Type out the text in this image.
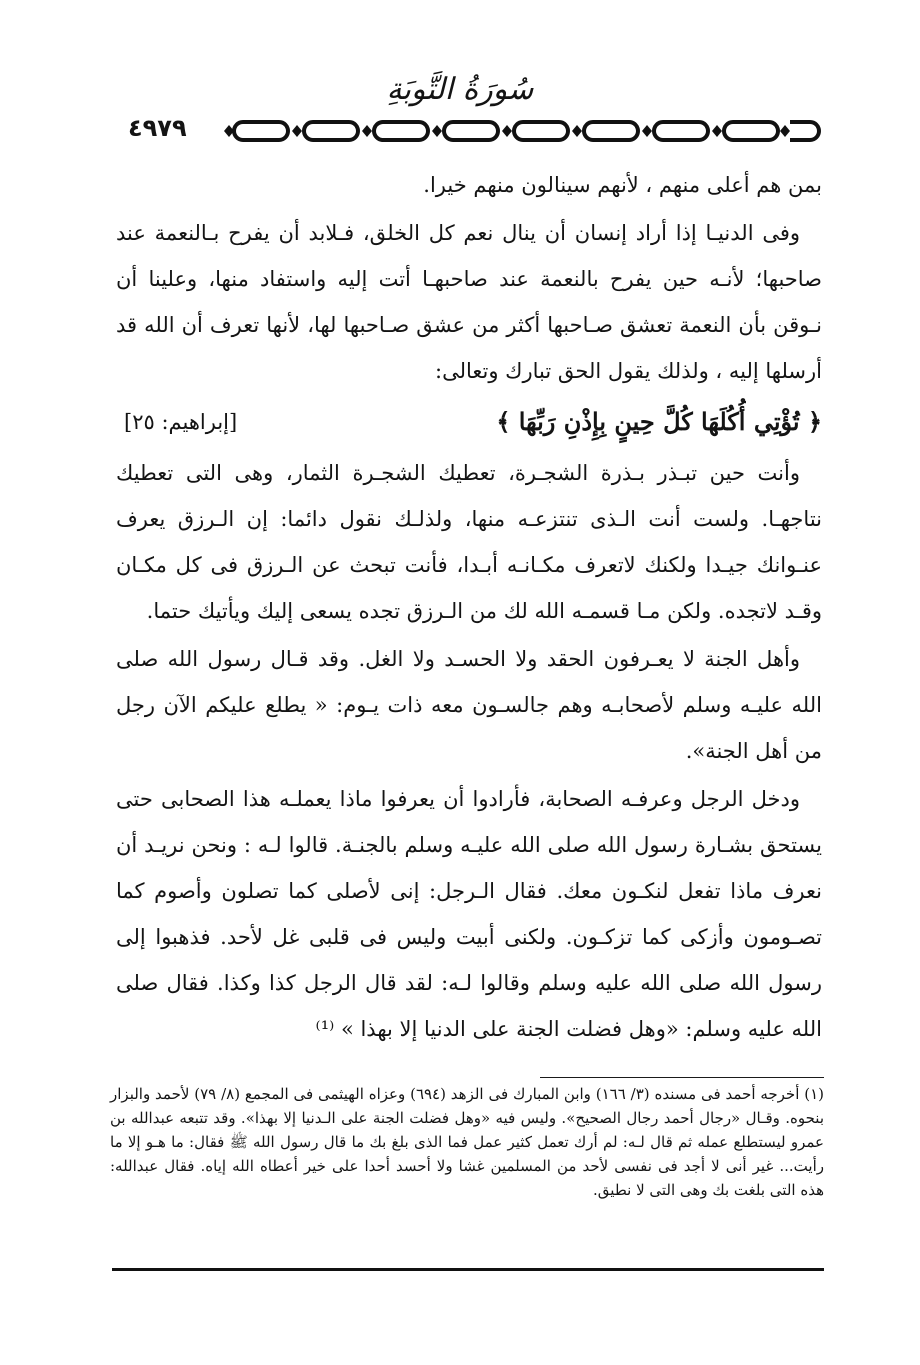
سُورَةُ التَّوبَةِ
٤٩٧٩

بمن هم أعلى منهم ، لأنهم سينالون منهم خيرا.

وفى الدنيـا إذا أراد إنسان أن ينال نعم كل الخلق، فـلابد أن يفرح بـالنعمة عند صاحبها؛ لأنـه حين يفرح بالنعمة عند صاحبهـا أتت إليه واستفاد منها، وعلينا أن نـوقن بأن النعمة تعشق صـاحبها أكثر من عشق صـاحبها لها، لأنها تعرف أن الله قد أرسلها إليه ، ولذلك يقول الحق تبارك وتعالى:

﴿ تُؤْتِي أُكُلَهَا كُلَّ حِينٍ بِإِذْنِ رَبِّهَا ﴾
[إبراهيم: ٢٥]

وأنت حين تبـذر بـذرة الشجـرة، تعطيك الشجـرة الثمار، وهى التى تعطيك نتاجهـا. ولست أنت الـذى تنتزعـه منها، ولذلـك نقول دائما: إن الـرزق يعرف عنـوانك جيـدا ولكنك لاتعرف مكـانـه أبـدا، فأنت تبحث عن الـرزق فى كل مكـان وقـد لاتجده. ولكن مـا قسمـه الله لك من الـرزق تجده يسعى إليك ويأتيك حتما.

وأهل الجنة لا يعـرفون الحقد ولا الحسـد ولا الغل. وقد قـال رسول الله صلى الله عليـه وسلم لأصحابـه وهم جالسـون معه ذات يـوم: « يطلع عليكم الآن رجل من أهل الجنة».

ودخل الرجل وعرفـه الصحابة، فأرادوا أن يعرفوا ماذا يعملـه هذا الصحابى حتى يستحق بشـارة رسول الله صلى الله عليـه وسلم بالجنـة. قالوا لـه : ونحن نريـد أن نعرف ماذا تفعل لنكـون معك. فقال الـرجل: إنى لأصلى كما تصلون وأصوم كما تصـومون وأزكى كما تزكـون. ولكنى أبيت وليس فى قلبى غل لأحد. فذهبوا إلى رسول الله صلى الله عليه وسلم وقالوا لـه: لقد قال الرجل كذا وكذا. فقال صلى الله عليه وسلم: «وهل فضلت الجنة على الدنيا إلا بهذا » ⁽¹⁾

(١) أخرجه أحمد فى مسنده (٣/ ١٦٦) وابن المبارك فى الزهد (٦٩٤) وعزاه الهيثمى فى المجمع (٨/ ٧٩) لأحمد والبزار بنحوه. وقـال «رجال أحمد رجال الصحيح». وليس فيه «وهل فضلت الجنة على الـدنيا إلا بهذا». وقد تتبعه عبدالله بن عمرو ليستطلع عمله ثم قال لـه: لم أرك تعمل كثير عمل فما الذى بلغ بك ما قال رسول الله ﷺ فقال: ما هـو إلا ما رأيت... غير أنى لا أجد فى نفسى لأحد من المسلمين غشا ولا أحسد أحدا على خير أعطاه الله إياه. فقال عبدالله: هذه التى بلغت بك وهى التى لا نطيق.
